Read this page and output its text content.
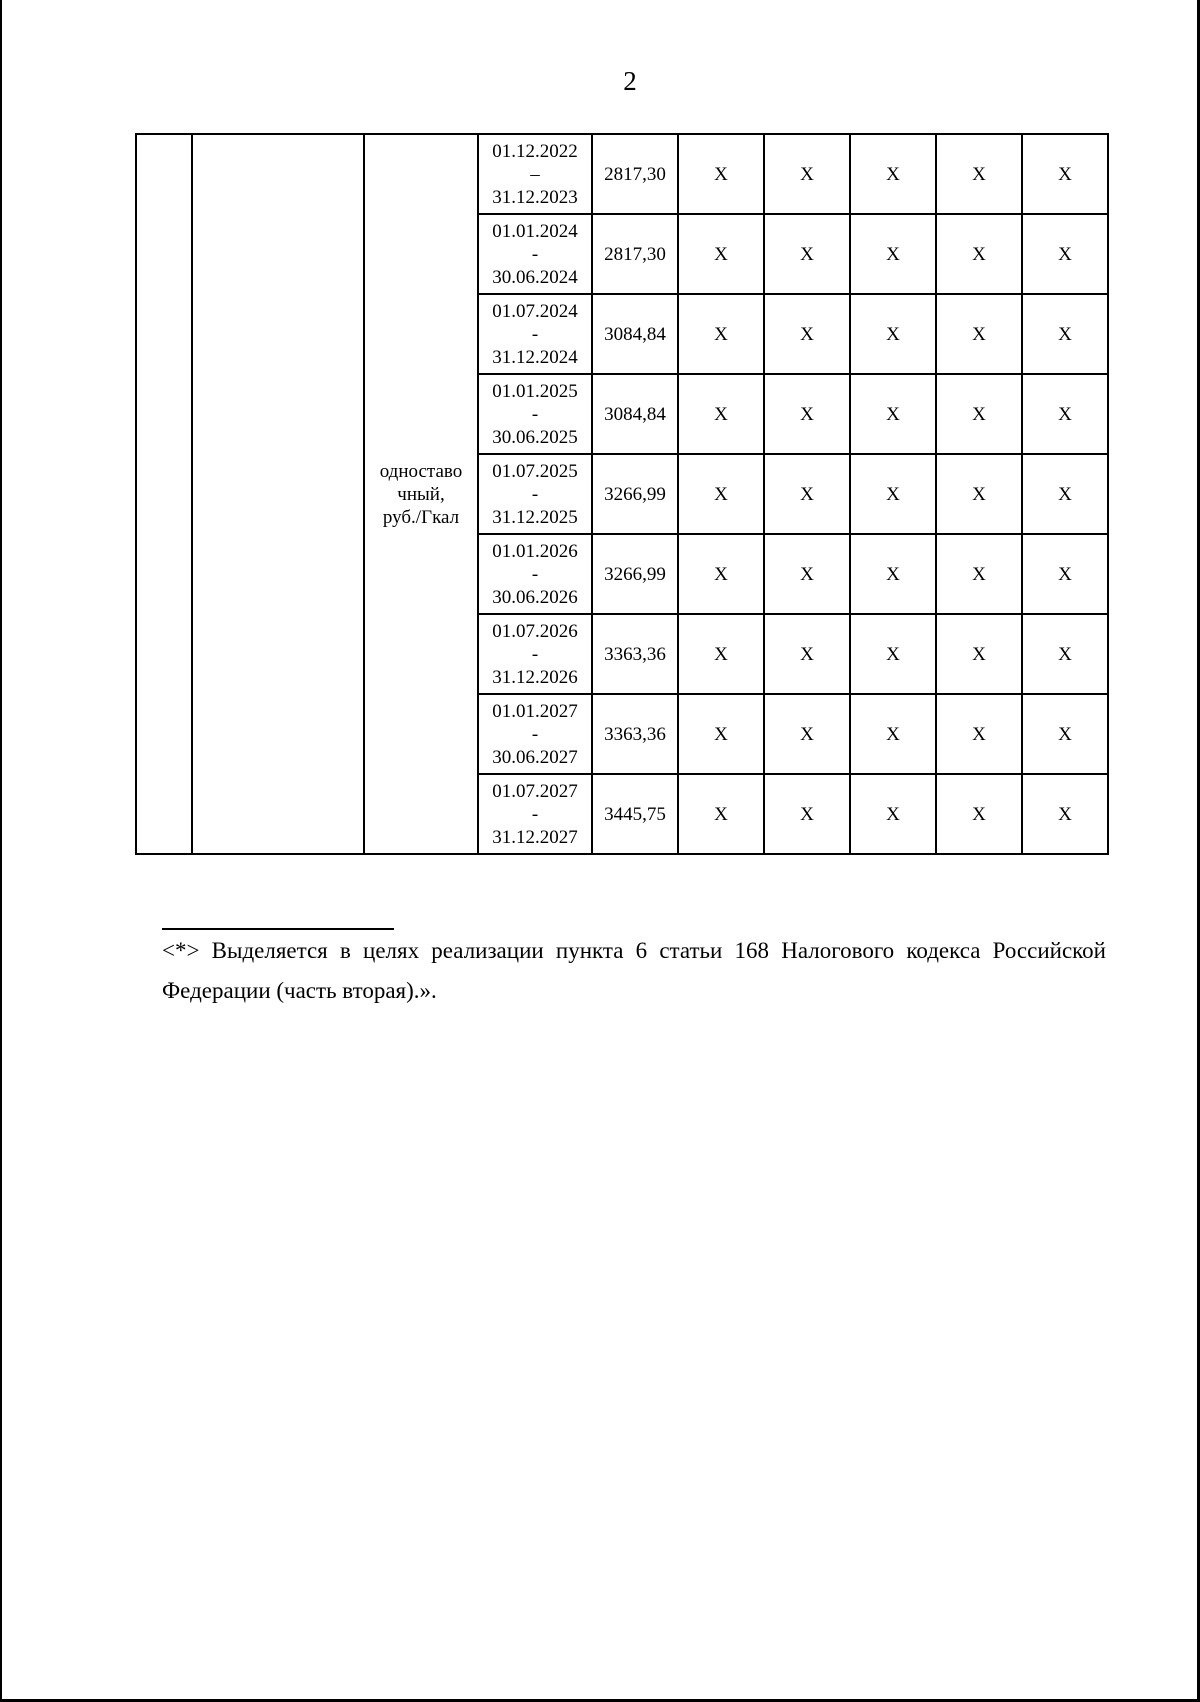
2

		одноставо
чный,
руб./Гкал	01.12.2022
–
31.12.2023	2817,30	Х	Х	Х	Х	Х

			01.01.2024
-
30.06.2024	2817,30	Х	Х	Х	Х	Х

			01.07.2024
-
31.12.2024	3084,84	Х	Х	Х	Х	Х

			01.01.2025
-
30.06.2025	3084,84	Х	Х	Х	Х	Х

			01.07.2025
-
31.12.2025	3266,99	Х	Х	Х	Х	Х

			01.01.2026
-
30.06.2026	3266,99	Х	Х	Х	Х	Х

			01.07.2026
-
31.12.2026	3363,36	Х	Х	Х	Х	Х

			01.01.2027
-
30.06.2027	3363,36	Х	Х	Х	Х	Х

			01.07.2027
-
31.12.2027	3445,75	Х	Х	Х	Х	Х
<*> Выделяется в целях реализации пункта 6 статьи 168 Налогового кодекса Российской Федерации (часть вторая).».
